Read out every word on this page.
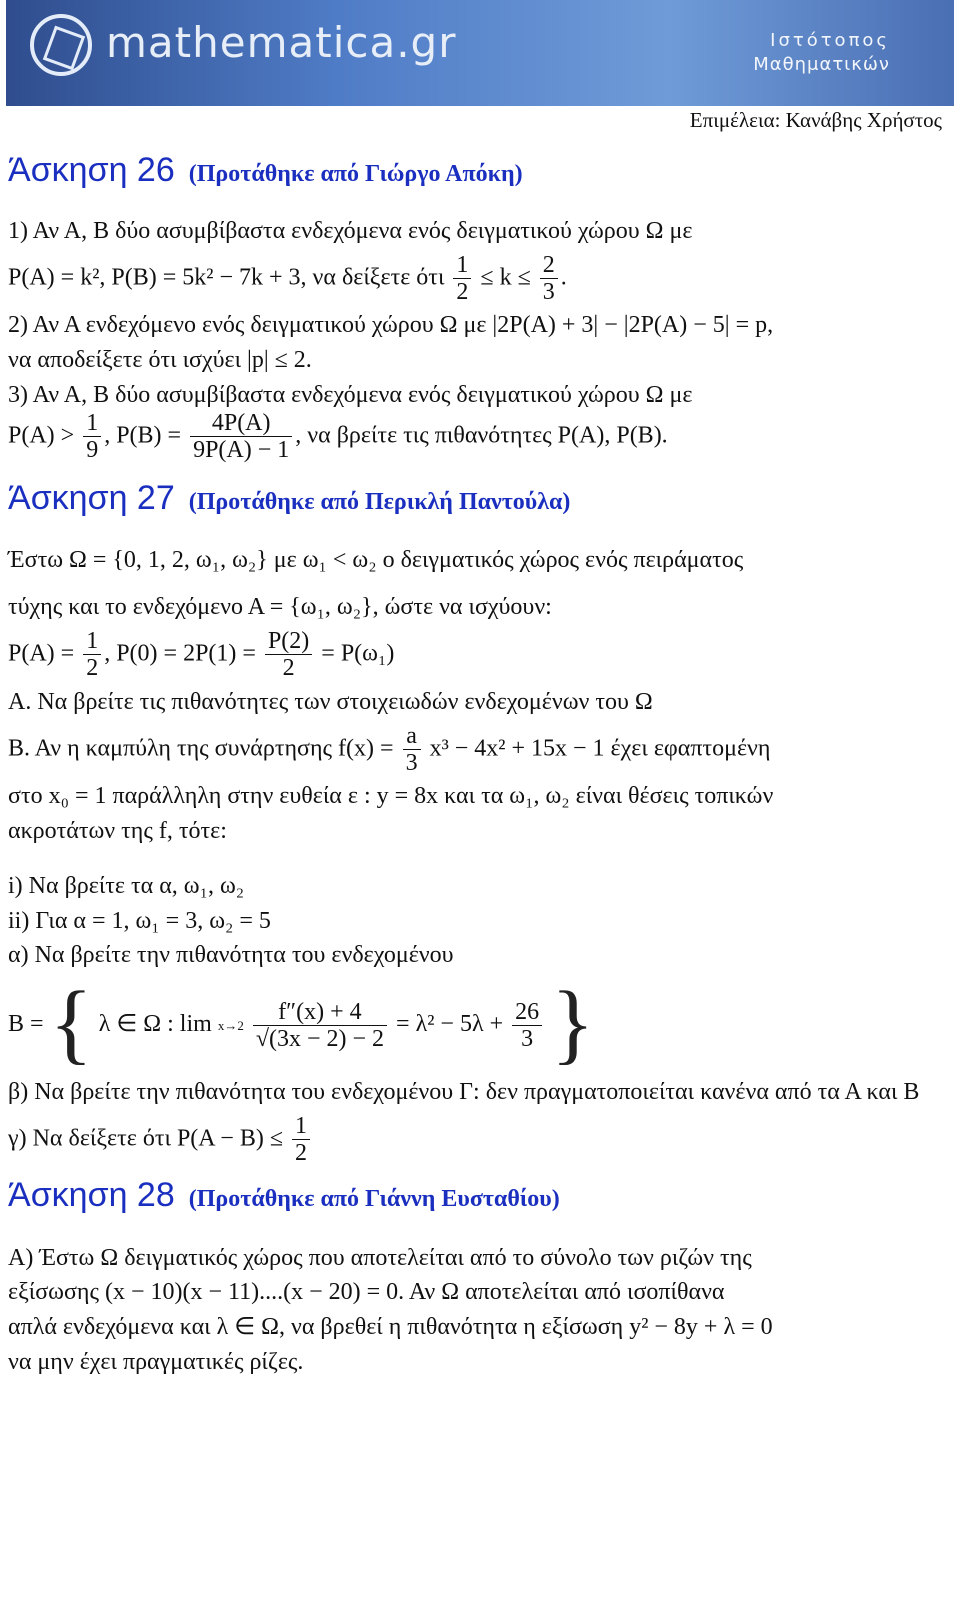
mathematica.gr	Ιστότοπος
Μαθηματικών
Επιμέλεια: Κανάβης Χρήστος
Άσκηση 26 (Προτάθηκε από Γιώργο Απόκη)

1) Αν Α, Β δύο ασυμβίβαστα ενδεχόμενα ενός δειγματικού χώρου Ω με

P(A) = k², P(B) = 5k² − 7k + 3, να δείξετε ότι $\frac{1}{2} \le k \le \frac{2}{3}$ .

2) Αν Α ενδεχόμενο ενός δειγματικού χώρου Ω με |2P(A) + 3| − |2P(A) − 5| = p,

να αποδείξετε ότι ισχύει |p| ≤ 2.

3) Αν Α, Β δύο ασυμβίβαστα ενδεχόμενα ενός δειγματικού χώρου Ω με

$P(A) > \frac{1}{9}$ , $P(B) = \frac{4P(A)}{9P(A) - 1}$ , να βρείτε τις πιθανότητες P(A), P(B).

Άσκηση 27 (Προτάθηκε από Περικλή Παντούλα)

Έστω Ω = {0, 1, 2, ω₁, ω₂} με ω₁ < ω₂ ο δειγματικός χώρος ενός πειράματος

τύχης και το ενδεχόμενο Α = {ω₁, ω₂}, ώστε να ισχύουν:

$P(A) = \frac{1}{2}$ , $P(0) = 2P(1) = \frac{P(2)}{2} = P(\omega_1)$

Α. Να βρείτε τις πιθανότητες των στοιχειωδών ενδεχομένων του Ω

Β. Αν η καμπύλη της συνάρτησης $f(x) = \frac{a}{3} x^3 - 4x^2 + 15x - 1$ έχει εφαπτομένη

στο x₀ = 1 παράλληλη στην ευθεία ε : y = 8x και τα ω₁, ω₂ είναι θέσεις τοπικών

ακροτάτων της f, τότε:

i) Να βρείτε τα α, ω₁, ω₂

ii) Για α = 1, ω₁ = 3, ω₂ = 5

α) Να βρείτε την πιθανότητα του ενδεχομένου

Β = { λ ∈ Ω : lim x→2
$\frac{f''(x) + 4}{√(3x - 2) - 2} = \lambda^2 - 5\lambda + \frac{26}{3}$ }

β) Να βρείτε την πιθανότητα του ενδεχομένου Γ: δεν πραγματοποιείται κανένα από τα Α και Β

γ) Να δείξετε ότι $P(A - B) \le \frac{1}{2}$

Άσκηση 28 (Προτάθηκε από Γιάννη Ευσταθίου)

Α) Έστω Ω δειγματικός χώρος που αποτελείται από το σύνολο των ριζών της

εξίσωσης (x − 10)(x − 11)....(x − 20) = 0. Αν Ω αποτελείται από ισοπίθανα

απλά ενδεχόμενα και λ ∈ Ω, να βρεθεί η πιθανότητα η εξίσωση y² − 8y + λ = 0

να μην έχει πραγματικές ρίζες.
